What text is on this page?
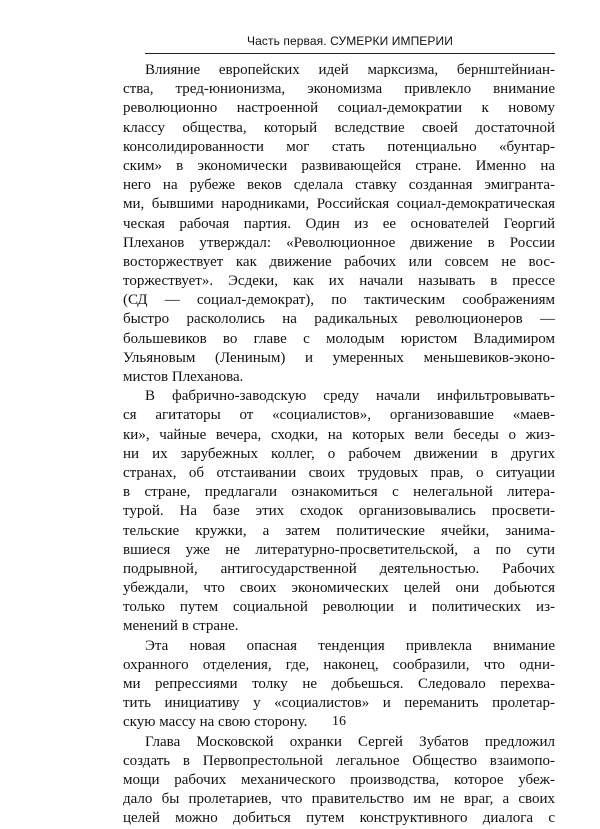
Часть первая. СУМЕРКИ ИМПЕРИИ
Влияние европейских идей марксизма, бернштейниан-
ства, тред-юнионизма, экономизма привлекло внимание
революционно настроенной социал-демократии к новому
классу общества, который вследствие своей достаточной
консолидированности мог стать потенциально «бунтар-
ским» в экономически развивающейся стране. Именно на
него на рубеже веков сделала ставку созданная эмигранта-
ми, бывшими народниками, Российская социал-демократическая
ческая рабочая партия. Один из ее основателей Георгий
Плеханов утверждал: «Революционное движение в России
восторжествует как движение рабочих или совсем не вос-
торжествует». Эсдеки, как их начали называть в прессе
(СД — социал-демократ), по тактическим соображениям
быстро раскололись на радикальных революционеров —
большевиков во главе с молодым юристом Владимиром
Ульяновым (Лениным) и умеренных меньшевиков-эконо-
мистов Плеханова.
В фабрично-заводскую среду начали инфильтровывать-
ся агитаторы от «социалистов», организовавшие «маев-
ки», чайные вечера, сходки, на которых вели беседы о жиз-
ни их зарубежных коллег, о рабочем движении в других
странах, об отстаивании своих трудовых прав, о ситуации
в стране, предлагали ознакомиться с нелегальной литера-
турой. На базе этих сходок организовывались просвети-
тельские кружки, а затем политические ячейки, занима-
вшиеся уже не литературно-просветительской, а по сути
подрывной, антигосударственной деятельностью. Рабочих
убеждали, что своих экономических целей они добьются
только путем социальной революции и политических из-
менений в стране.
Эта новая опасная тенденция привлекла внимание
охранного отделения, где, наконец, сообразили, что одни-
ми репрессиями толку не добьешься. Следовало перехва-
тить инициативу у «социалистов» и переманить пролетар-
скую массу на свою сторону.
Глава Московской охранки Сергей Зубатов предложил
создать в Первопрестольной легальное Общество взаимопо-
мощи рабочих механического производства, которое убеж-
дало бы пролетариев, что правительство им не враг, а своих
целей можно добиться путем конструктивного диалога с
16
